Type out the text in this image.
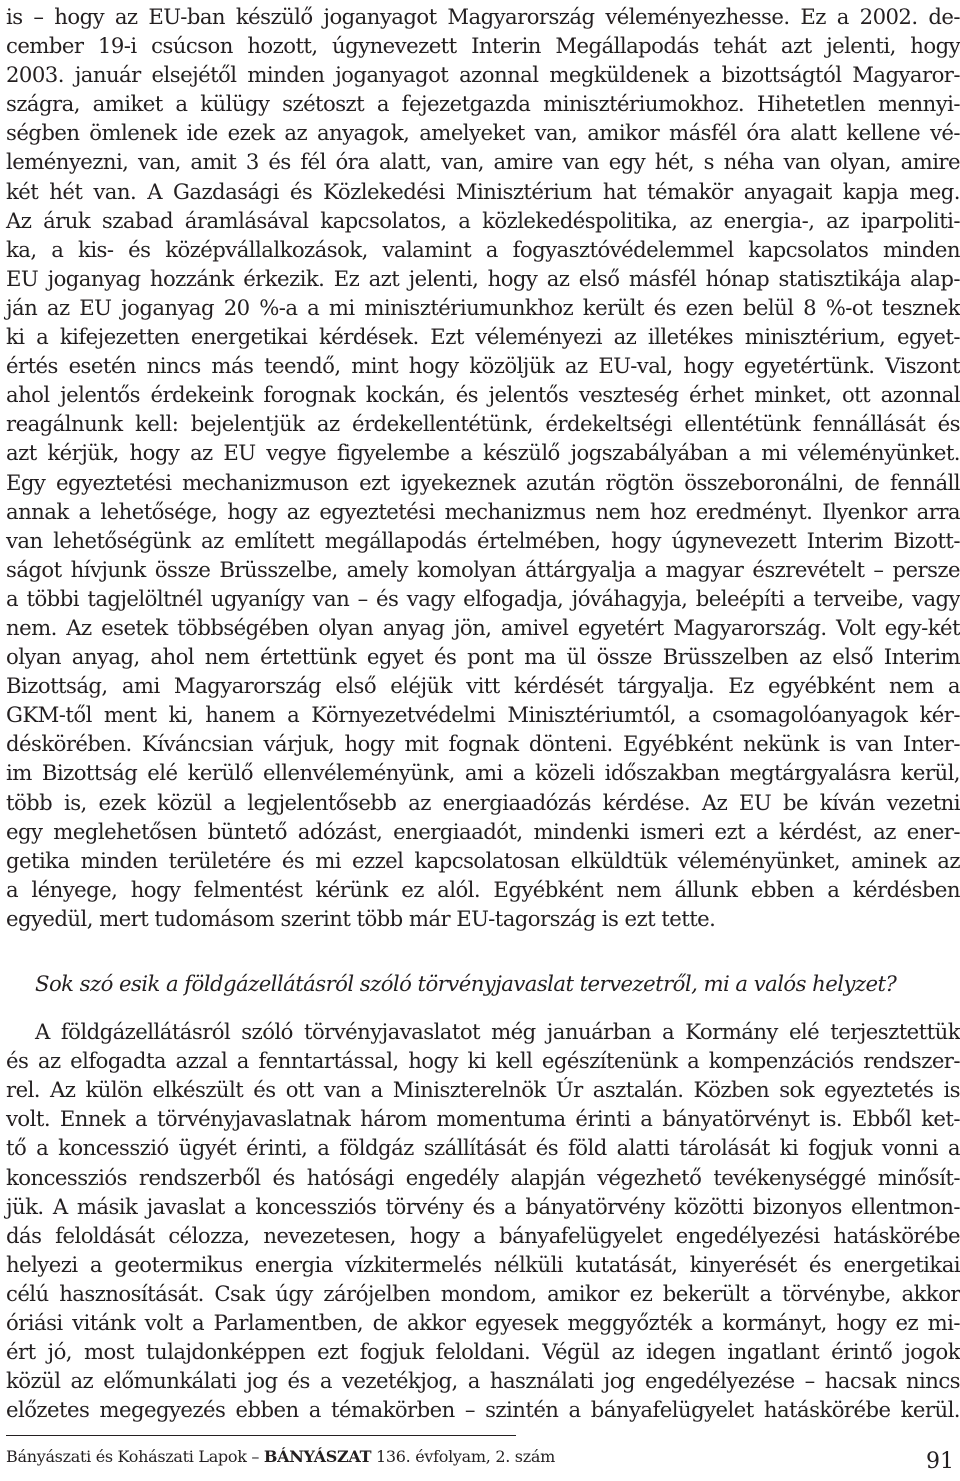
is – hogy az EU-ban készülő joganyagot Magyarország véleményezhesse. Ez a 2002. de-
cember 19-i csúcson hozott, úgynevezett Interin Megállapodás tehát azt jelenti, hogy
2003. január elsejétől minden joganyagot azonnal megküldenek a bizottságtól Magyaror-
szágra, amiket a külügy szétoszt a fejezetgazda minisztériumokhoz. Hihetetlen mennyi-
ségben ömlenek ide ezek az anyagok, amelyeket van, amikor másfél óra alatt kellene vé-
leményezni, van, amit 3 és fél óra alatt, van, amire van egy hét, s néha van olyan, amire
két hét van. A Gazdasági és Közlekedési Minisztérium hat témakör anyagait kapja meg.
Az áruk szabad áramlásával kapcsolatos, a közlekedéspolitika, az energia-, az iparpoliti-
ka, a kis- és középvállalkozások, valamint a fogyasztóvédelemmel kapcsolatos minden
EU joganyag hozzánk érkezik. Ez azt jelenti, hogy az első másfél hónap statisztikája alap-
ján az EU joganyag 20 %-a a mi minisztériumunkhoz került és ezen belül 8 %-ot tesznek
ki a kifejezetten energetikai kérdések. Ezt véleményezi az illetékes minisztérium, egyet-
értés esetén nincs más teendő, mint hogy közöljük az EU-val, hogy egyetértünk. Viszont
ahol jelentős érdekeink forognak kockán, és jelentős veszteség érhet minket, ott azonnal
reagálnunk kell: bejelentjük az érdekellentétünk, érdekeltségi ellentétünk fennállását és
azt kérjük, hogy az EU vegye figyelembe a készülő jogszabályában a mi véleményünket.
Egy egyeztetési mechanizmuson ezt igyekeznek azután rögtön összeboronálni, de fennáll
annak a lehetősége, hogy az egyeztetési mechanizmus nem hoz eredményt. Ilyenkor arra
van lehetőségünk az említett megállapodás értelmében, hogy úgynevezett Interim Bizott-
ságot hívjunk össze Brüsszelbe, amely komolyan áttárgyalja a magyar észrevételt – persze
a többi tagjelöltnél ugyanígy van – és vagy elfogadja, jóváhagyja, beleépíti a terveibe, vagy
nem. Az esetek többségében olyan anyag jön, amivel egyetért Magyarország. Volt egy-két
olyan anyag, ahol nem értettünk egyet és pont ma ül össze Brüsszelben az első Interim
Bizottság, ami Magyarország első eléjük vitt kérdését tárgyalja. Ez egyébként nem a
GKM-től ment ki, hanem a Környezetvédelmi Minisztériumtól, a csomagolóanyagok kér-
déskörében. Kíváncsian várjuk, hogy mit fognak dönteni. Egyébként nekünk is van Inter-
im Bizottság elé kerülő ellenvéleményünk, ami a közeli időszakban megtárgyalásra kerül,
több is, ezek közül a legjelentősebb az energiaadózás kérdése. Az EU be kíván vezetni
egy meglehetősen büntető adózást, energiaadót, mindenki ismeri ezt a kérdést, az ener-
getika minden területére és mi ezzel kapcsolatosan elküldtük véleményünket, aminek az
a lényege, hogy felmentést kérünk ez alól. Egyébként nem állunk ebben a kérdésben
egyedül, mert tudomásom szerint több már EU-tagország is ezt tette.
Sok szó esik a földgázellátásról szóló törvényjavaslat tervezetről, mi a valós helyzet?
A földgázellátásról szóló törvényjavaslatot még januárban a Kormány elé terjesztettük
és az elfogadta azzal a fenntartással, hogy ki kell egészítenünk a kompenzációs rendszer-
rel. Az külön elkészült és ott van a Miniszterelnök Úr asztalán. Közben sok egyeztetés is
volt. Ennek a törvényjavaslatnak három momentuma érinti a bányatörvényt is. Ebből ket-
tő a koncesszió ügyét érinti, a földgáz szállítását és föld alatti tárolását ki fogjuk vonni a
koncessziós rendszerből és hatósági engedély alapján végezhető tevékenységgé minősít-
jük. A másik javaslat a koncessziós törvény és a bányatörvény közötti bizonyos ellentmon-
dás feloldását célozza, nevezetesen, hogy a bányafelügyelet engedélyezési hatáskörébe
helyezi a geotermikus energia vízkitermelés nélküli kutatását, kinyerését és energetikai
célú hasznosítását. Csak úgy zárójelben mondom, amikor ez bekerült a törvénybe, akkor
óriási vitánk volt a Parlamentben, de akkor egyesek meggyőzték a kormányt, hogy ez mi-
ért jó, most tulajdonképpen ezt fogjuk feloldani. Végül az idegen ingatlant érintő jogok
közül az előmunkálati jog és a vezetékjog, a használati jog engedélyezése – hacsak nincs
előzetes megegyezés ebben a témakörben – szintén a bányafelügyelet hatáskörébe kerül.
Bányászati és Kohászati Lapok – BÁNYÁSZAT 136. évfolyam, 2. szám	91
